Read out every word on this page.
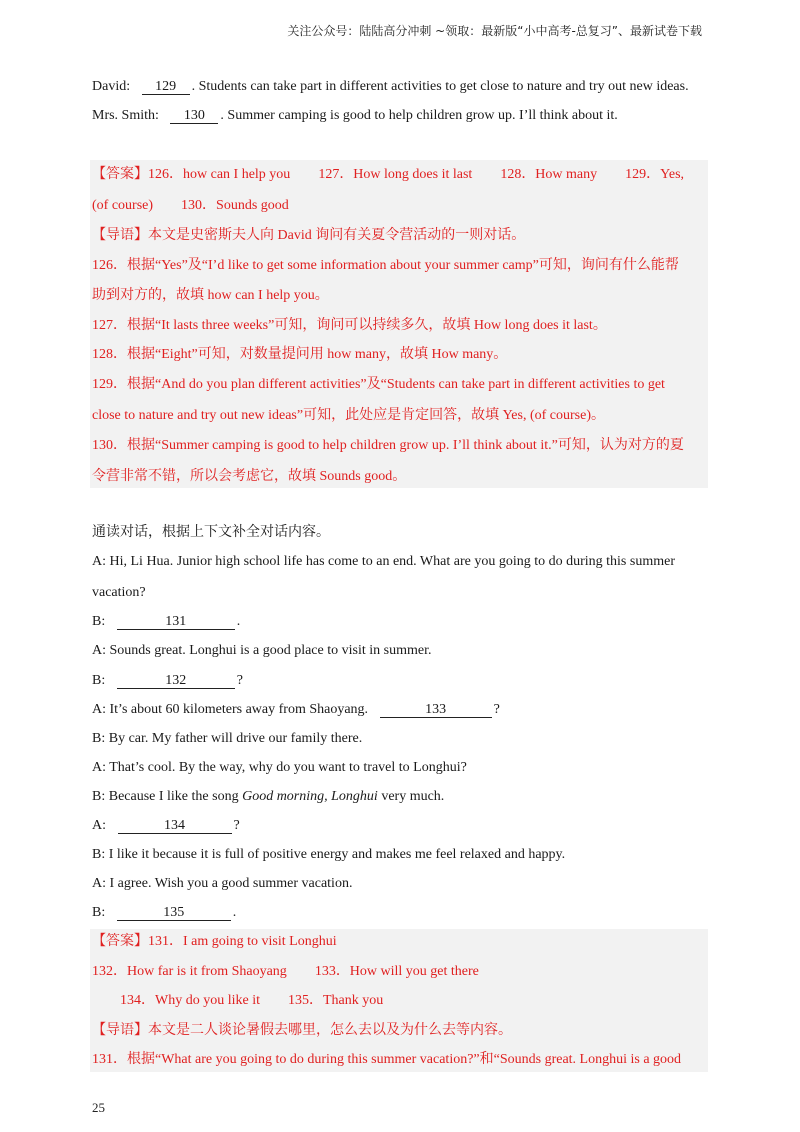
关注公众号：陆陆高分冲刺 ~领取：最新版“小中高考-总复习”、最新试卷下载
David: 129 . Students can take part in different activities to get close to nature and try out new ideas.
Mrs. Smith: 130 . Summer camping is good to help children grow up. I’ll think about it.
【答案】126．how can I help you 127．How long does it last 128．How many 129．Yes,
(of course) 130．Sounds good
【导语】本文是史密斯夫人向 David 询问有关夏令营活动的一则对话。
126．根据“Yes”及“I’d like to get some information about your summer camp”可知，询问有什么能帮
助到对方的，故填 how can I help you。
127．根据“It lasts three weeks”可知，询问可以持续多久，故填 How long does it last。
128．根据“Eight”可知，对数量提问用 how many，故填 How many。
129．根据“And do you plan different activities”及“Students can take part in different activities to get
close to nature and try out new ideas”可知，此处应是肯定回答，故填 Yes, (of course)。
130．根据“Summer camping is good to help children grow up. I’ll think about it.”可知，认为对方的夏
令营非常不错，所以会考虑它，故填 Sounds good。
通读对话，根据上下文补全对话内容。
A: Hi, Li Hua. Junior high school life has come to an end. What are you going to do during this summer
vacation?
B:	131	.
A: Sounds great. Longhui is a good place to visit in summer.
B:	132	?
A: It’s about 60 kilometers away from Shaoyang.	133	?
B: By car. My father will drive our family there.
A: That’s cool. By the way, why do you want to travel to Longhui?
B: Because I like the song Good morning, Longhui very much.
A:	134	?
B: I like it because it is full of positive energy and makes me feel relaxed and happy.
A: I agree. Wish you a good summer vacation.
B:	135	.
【答案】131．I am going to visit Longhui
132．How far is it from Shaoyang 133．How will you get there
134．Why do you like it 135．Thank you
【导语】本文是二人谈论暑假去哪里，怎么去以及为什么去等内容。
131．根据“What are you going to do during this summer vacation?”和“Sounds great. Longhui is a good
25
